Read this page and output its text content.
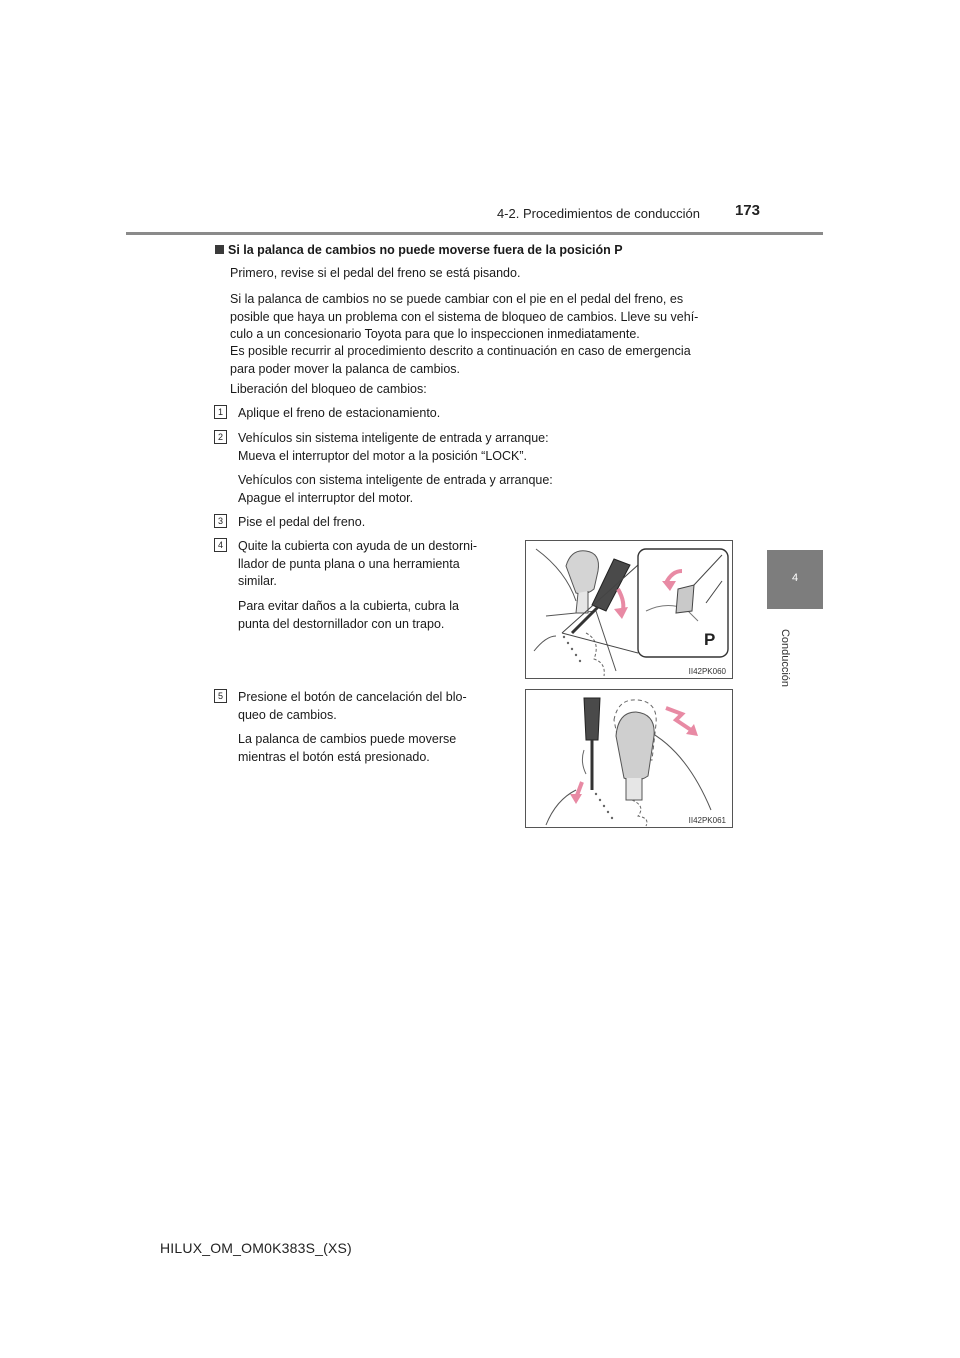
4-2. Procedimientos de conducción	173
4
Conducción
Si la palanca de cambios no puede moverse fuera de la posición P
Primero, revise si el pedal del freno se está pisando.
Si la palanca de cambios no se puede cambiar con el pie en el pedal del freno, es
posible que haya un problema con el sistema de bloqueo de cambios. Lleve su vehí-
culo a un concesionario Toyota para que lo inspeccionen inmediatamente.
Es posible recurrir al procedimiento descrito a continuación en caso de emergencia
para poder mover la palanca de cambios.
Liberación del bloqueo de cambios:
1	Aplique el freno de estacionamiento.
2	Vehículos sin sistema inteligente de entrada y arranque:
Mueva el interruptor del motor a la posición “LOCK”.
Vehículos con sistema inteligente de entrada y arranque:
Apague el interruptor del motor.
3	Pise el pedal del freno.
4	Quite la cubierta con ayuda de un destorni-
llador de punta plana o una herramienta
similar.
Para evitar daños a la cubierta, cubra la
punta del destornillador con un trapo.
P
II42PK060
5	Presione el botón de cancelación del blo-
queo de cambios.
La palanca de cambios puede moverse
mientras el botón está presionado.
II42PK061
HILUX_OM_OM0K383S_(XS)
